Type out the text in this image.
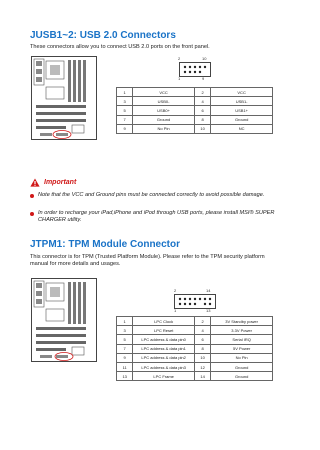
JUSB1~2: USB 2.0 Connectors
These connectors allow you to connect USB 2.0 ports on the front panel.
2	10
1	9
1	VCC	2	VCC
3	USB0-	4	USB1-
5	USB0+	6	USB1+
7	Ground	8	Ground
9	No Pin	10	NC
Important
Note that the VCC and Ground pins must be connected correctly to avoid possible damage.
In order to recharge your iPad,iPhone and iPod through USB ports, please install MSI® SUPER CHARGER utility.
JTPM1: TPM Module Connector
This connector is for TPM (Trusted Platform Module). Please refer to the TPM security platform manual for more details and usages.
2	14
1	13
1	LPC Clock	2	3V Standby power
3	LPC Reset	4	3.3V Power
5	LPC address & data pin0	6	Serial IRQ
7	LPC address & data pin1	8	5V Power
9	LPC address & data pin2	10	No Pin
11	LPC address & data pin3	12	Ground
13	LPC Frame	14	Ground
